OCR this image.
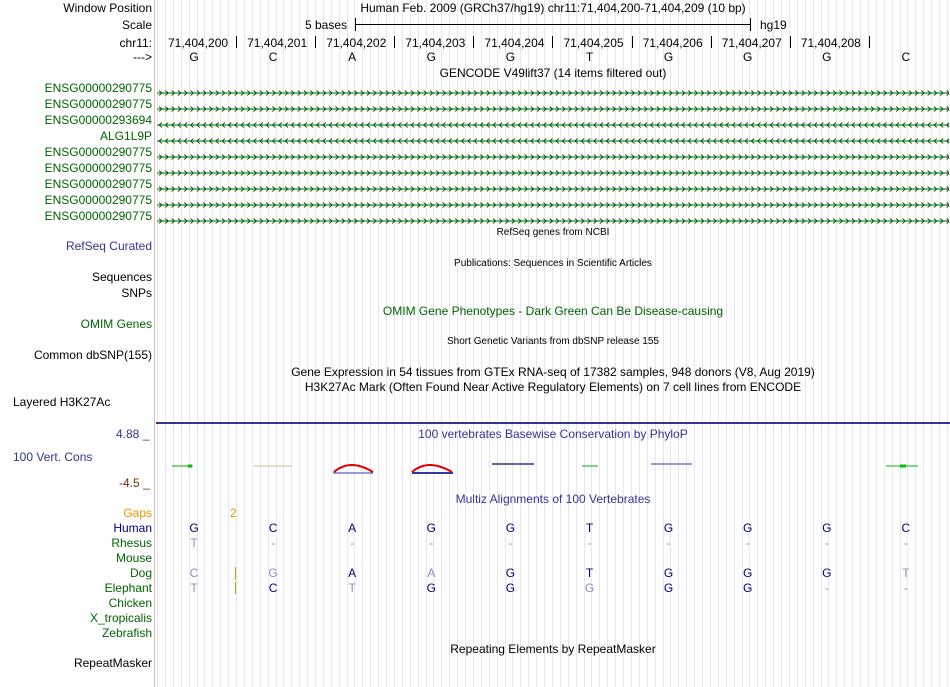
Window Position	Human Feb. 2009 (GRCh37/hg19) chr11:71,404,200-71,404,209 (10 bp)
Scale	5 bases	hg19
chr11: 71,404,200 71,404,201 71,404,202 71,404,203 71,404,204 71,404,205 71,404,206 71,404,207 71,404,208
--->	G	C	A	G	G	T	G	G	G	C
GENCODE V49lift37 (14 items filtered out)
ENSG00000290775
ENSG00000290775
ENSG00000293694
ALG1L9P
ENSG00000290775
ENSG00000290775
ENSG00000290775
ENSG00000290775
ENSG00000290775
RefSeq genes from NCBI
RefSeq Curated
Publications: Sequences in Scientific Articles
Sequences
SNPs
OMIM Gene Phenotypes - Dark Green Can Be Disease-causing
OMIM Genes
Short Genetic Variants from dbSNP release 155
Common dbSNP(155)
Gene Expression in 54 tissues from GTEx RNA-seq of 17382 samples, 948 donors (V8, Aug 2019)
H3K27Ac Mark (Often Found Near Active Regulatory Elements) on 7 cell lines from ENCODE
Layered H3K27Ac
100 vertebrates Basewise Conservation by PhyloP
4.88 _
100 Vert. Cons
-4.5 _
Multiz Alignments of 100 Vertebrates
Gaps	2
Human	G	C	A	G	G	T	G	G	G	C
Rhesus	T	-	-	-	-	-	-	-	-	-
Mouse
Dog	C	G	A	A	G	T	G	G	G	T
Elephant	T	C	T	G	G	G	G	G	-	-
Chicken
X_tropicalis
Zebrafish
Repeating Elements by RepeatMasker
RepeatMasker
